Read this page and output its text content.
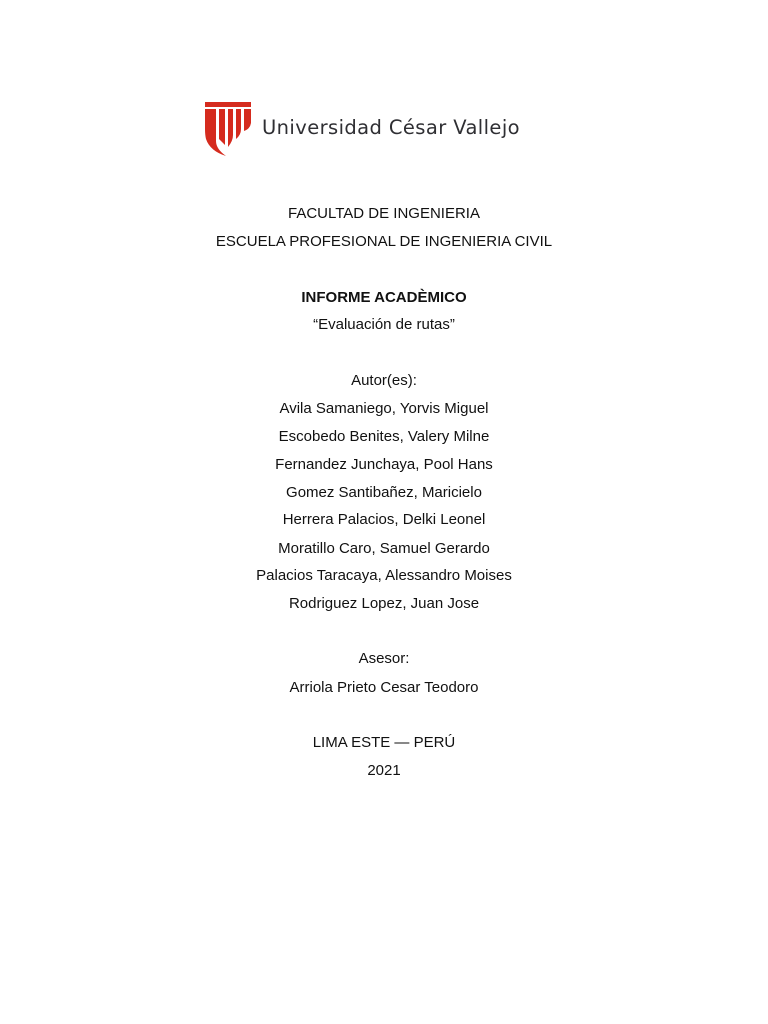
Universidad César Vallejo
FACULTAD DE INGENIERIA
ESCUELA PROFESIONAL DE INGENIERIA CIVIL
INFORME ACADÈMICO
“Evaluación de rutas”
Autor(es):
Avila Samaniego, Yorvis Miguel
Escobedo Benites, Valery Milne
Fernandez Junchaya, Pool Hans
Gomez Santibañez, Maricielo
Herrera Palacios, Delki Leonel
Moratillo Caro, Samuel Gerardo
Palacios Taracaya, Alessandro Moises
Rodriguez Lopez, Juan Jose
Asesor:
Arriola Prieto Cesar Teodoro
LIMA ESTE — PERÚ
2021
